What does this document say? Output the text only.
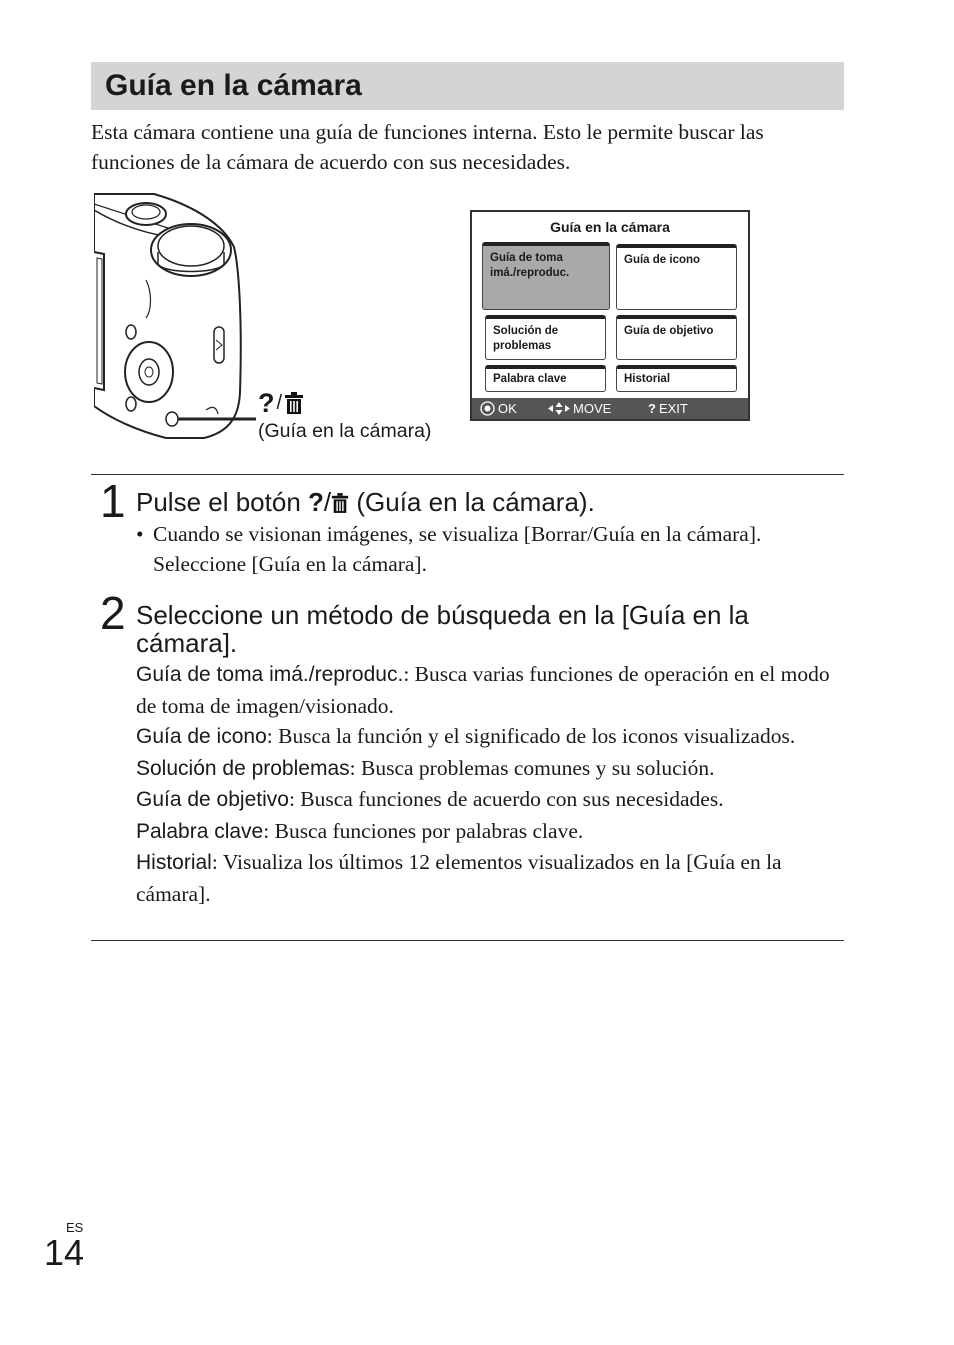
Guía en la cámara

Esta cámara contiene una guía de funciones interna. Esto le permite buscar las funciones de la cámara de acuerdo con sus necesidades.

? /
(Guía en la cámara)
Guía en la cámara
Guía de toma imá./reproduc.
Guía de icono
Solución de problemas
Guía de objetivo
Palabra clave	Historial
OK	MOVE	? EXIT
1 Pulse el botón ?/ (Guía en la cámara).
• Cuando se visionan imágenes, se visualiza [Borrar/Guía en la cámara]. Seleccione [Guía en la cámara].
2 Seleccione un método de búsqueda en la [Guía en la cámara].

Guía de toma imá./reproduc.: Busca varias funciones de operación en el modo de toma de imagen/visionado.

Guía de icono: Busca la función y el significado de los iconos visualizados.

Solución de problemas: Busca problemas comunes y su solución.

Guía de objetivo: Busca funciones de acuerdo con sus necesidades.

Palabra clave: Busca funciones por palabras clave.

Historial: Visualiza los últimos 12 elementos visualizados en la [Guía en la cámara].

ES
14
